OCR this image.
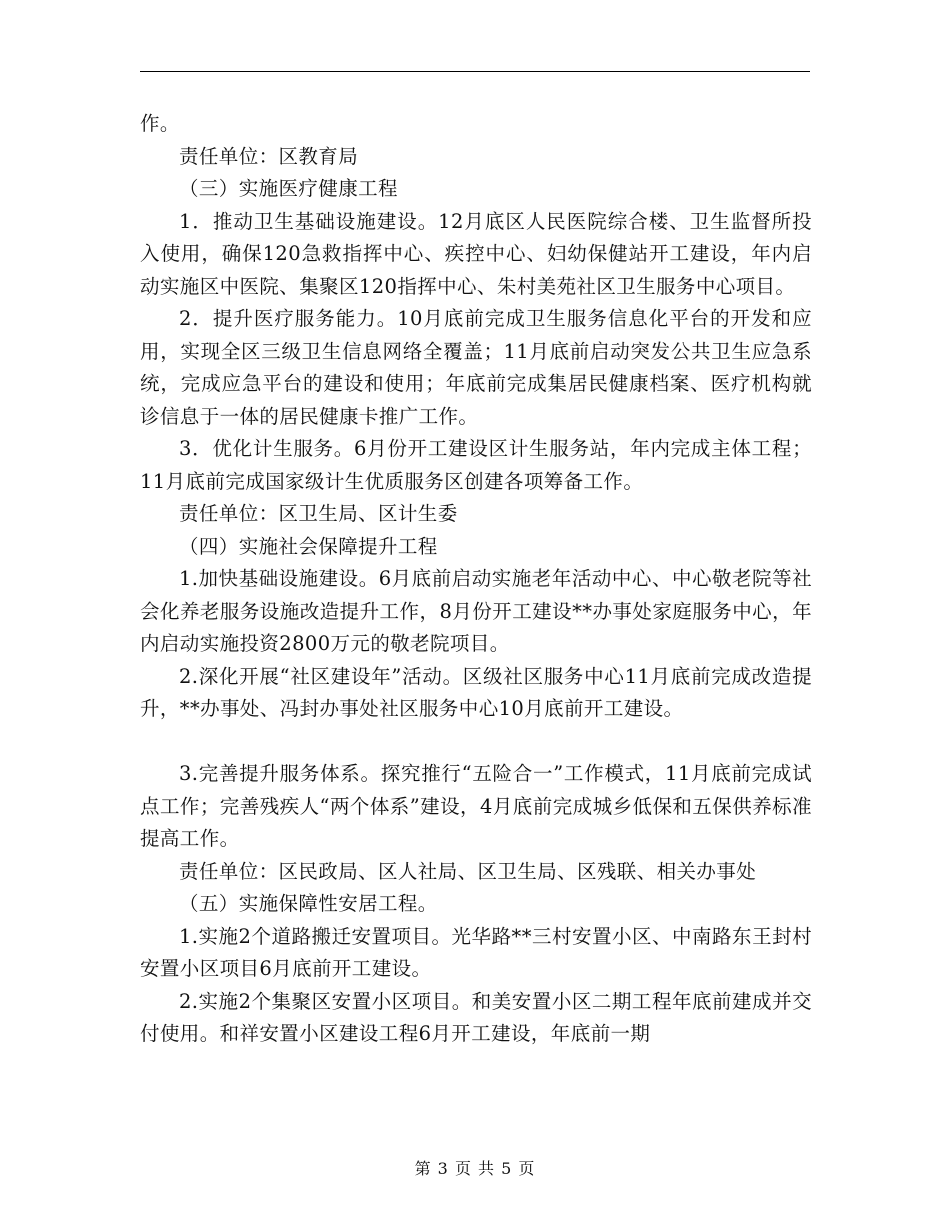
作。

责任单位：区教育局

（三）实施医疗健康工程

1．推动卫生基础设施建设。12月底区人民医院综合楼、卫生监督所投入使用，确保120急救指挥中心、疾控中心、妇幼保健站开工建设，年内启动实施区中医院、集聚区120指挥中心、朱村美苑社区卫生服务中心项目。

2．提升医疗服务能力。10月底前完成卫生服务信息化平台的开发和应用，实现全区三级卫生信息网络全覆盖；11月底前启动突发公共卫生应急系统，完成应急平台的建设和使用；年底前完成集居民健康档案、医疗机构就诊信息于一体的居民健康卡推广工作。

3．优化计生服务。6月份开工建设区计生服务站，年内完成主体工程；11月底前完成国家级计生优质服务区创建各项筹备工作。

责任单位：区卫生局、区计生委

（四）实施社会保障提升工程

1.加快基础设施建设。6月底前启动实施老年活动中心、中心敬老院等社会化养老服务设施改造提升工作，8月份开工建设**办事处家庭服务中心，年内启动实施投资2800万元的敬老院项目。

2.深化开展“社区建设年”活动。区级社区服务中心11月底前完成改造提升，**办事处、冯封办事处社区服务中心10月底前开工建设。

3.完善提升服务体系。探究推行“五险合一”工作模式，11月底前完成试点工作；完善残疾人“两个体系”建设，4月底前完成城乡低保和五保供养标准提高工作。

责任单位：区民政局、区人社局、区卫生局、区残联、相关办事处

（五）实施保障性安居工程。

1.实施2个道路搬迁安置项目。光华路**三村安置小区、中南路东王封村安置小区项目6月底前开工建设。

2.实施2个集聚区安置小区项目。和美安置小区二期工程年底前建成并交付使用。和祥安置小区建设工程6月开工建设，年底前一期

第 3 页 共 5 页
